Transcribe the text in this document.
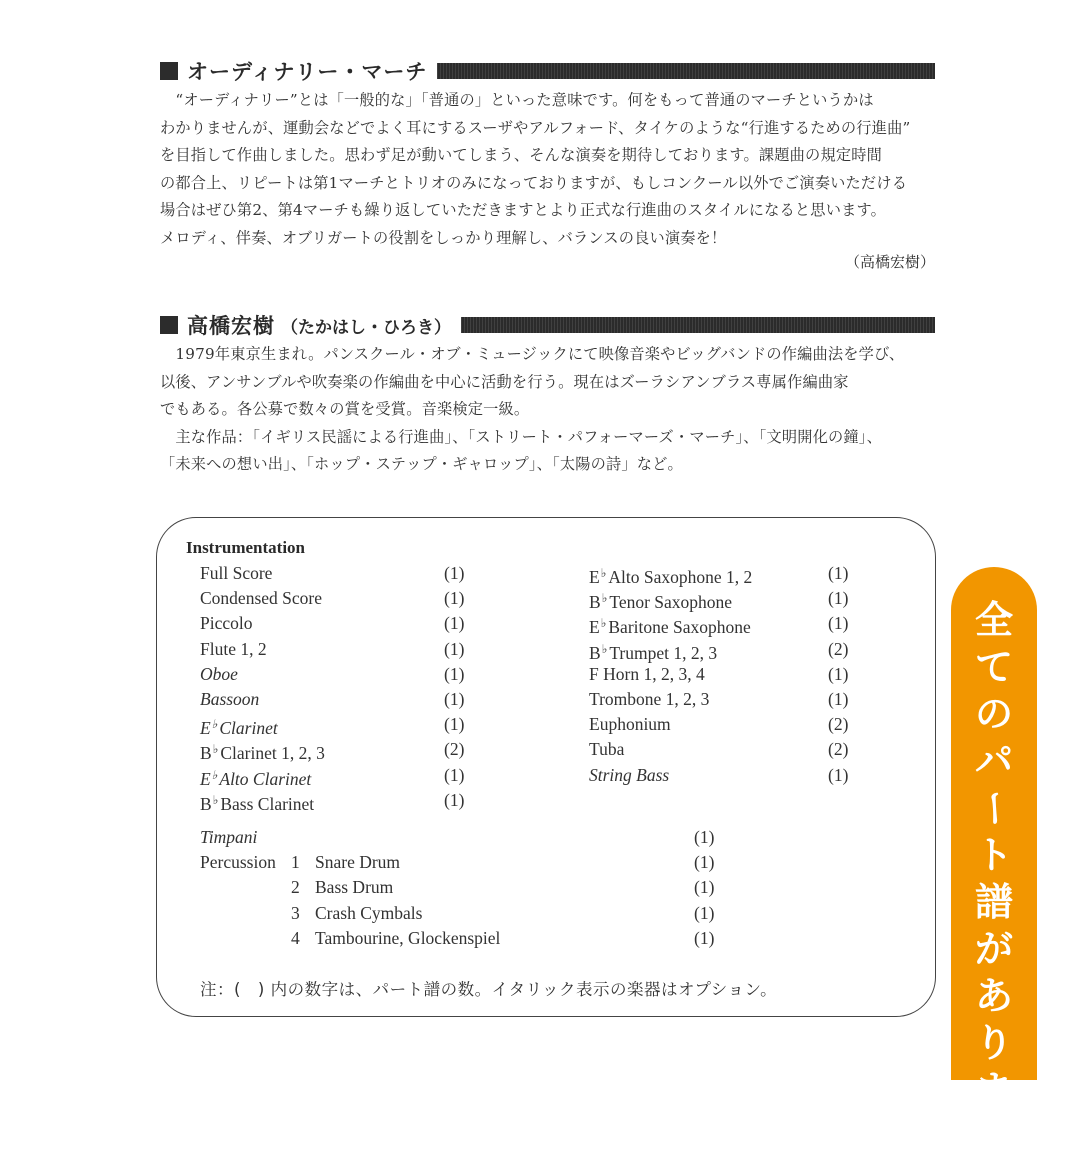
オーディナリー・マーチ

　“オーディナリー”とは「一般的な」「普通の」といった意味です。何をもって普通のマーチというかは

わかりませんが、運動会などでよく耳にするスーザやアルフォード、タイケのような“行進するための行進曲”

を目指して作曲しました。思わず足が動いてしまう、そんな演奏を期待しております。課題曲の規定時間

の都合上、リピートは第1マーチとトリオのみになっておりますが、もしコンクール以外でご演奏いただける

場合はぜひ第2、第4マーチも繰り返していただきますとより正式な行進曲のスタイルになると思います。

メロディ、伴奏、オブリガートの役割をしっかり理解し、バランスの良い演奏を！

（高橋宏樹）
高橋宏樹 （たかはし・ひろき）

　1979年東京生まれ。パンスクール・オブ・ミュージックにて映像音楽やビッグバンドの作編曲法を学び、

以後、アンサンブルや吹奏楽の作編曲を中心に活動を行う。現在はズーラシアンブラス専属作編曲家

でもある。各公募で数々の賞を受賞。音楽検定一級。

　主な作品：「イギリス民謡による行進曲」、「ストリート・パフォーマーズ・マーチ」、「文明開化の鐘」、

「未来への想い出」、「ホップ・ステップ・ギャロップ」、「太陽の詩」など。

Instrumentation
Full Score	(1)
Condensed Score	(1)
Piccolo	(1)
Flute 1, 2	(1)
Oboe	(1)
Bassoon	(1)
E♭ Clarinet	(1)
B♭ Clarinet 1, 2, 3	(2)
E♭ Alto Clarinet	(1)
B♭ Bass Clarinet	(1)
E♭ Alto Saxophone 1, 2	(1)
B♭ Tenor Saxophone	(1)
E♭ Baritone Saxophone	(1)
B♭ Trumpet 1, 2, 3	(2)
F Horn 1, 2, 3, 4	(1)
Trombone 1, 2, 3	(1)
Euphonium	(2)
Tuba	(2)
String Bass	(1)
Timpani	(1)
Percussion 1 Snare Drum	(1)
2 Bass Drum	(1)
3 Crash Cymbals	(1)
4 Tambourine, Glockenspiel	(1)
注：(　) 内の数字は、パート譜の数。イタリック表示の楽器はオプション。
全
て
の
パ
ー
ト
譜
が
あ
り
ま
す
